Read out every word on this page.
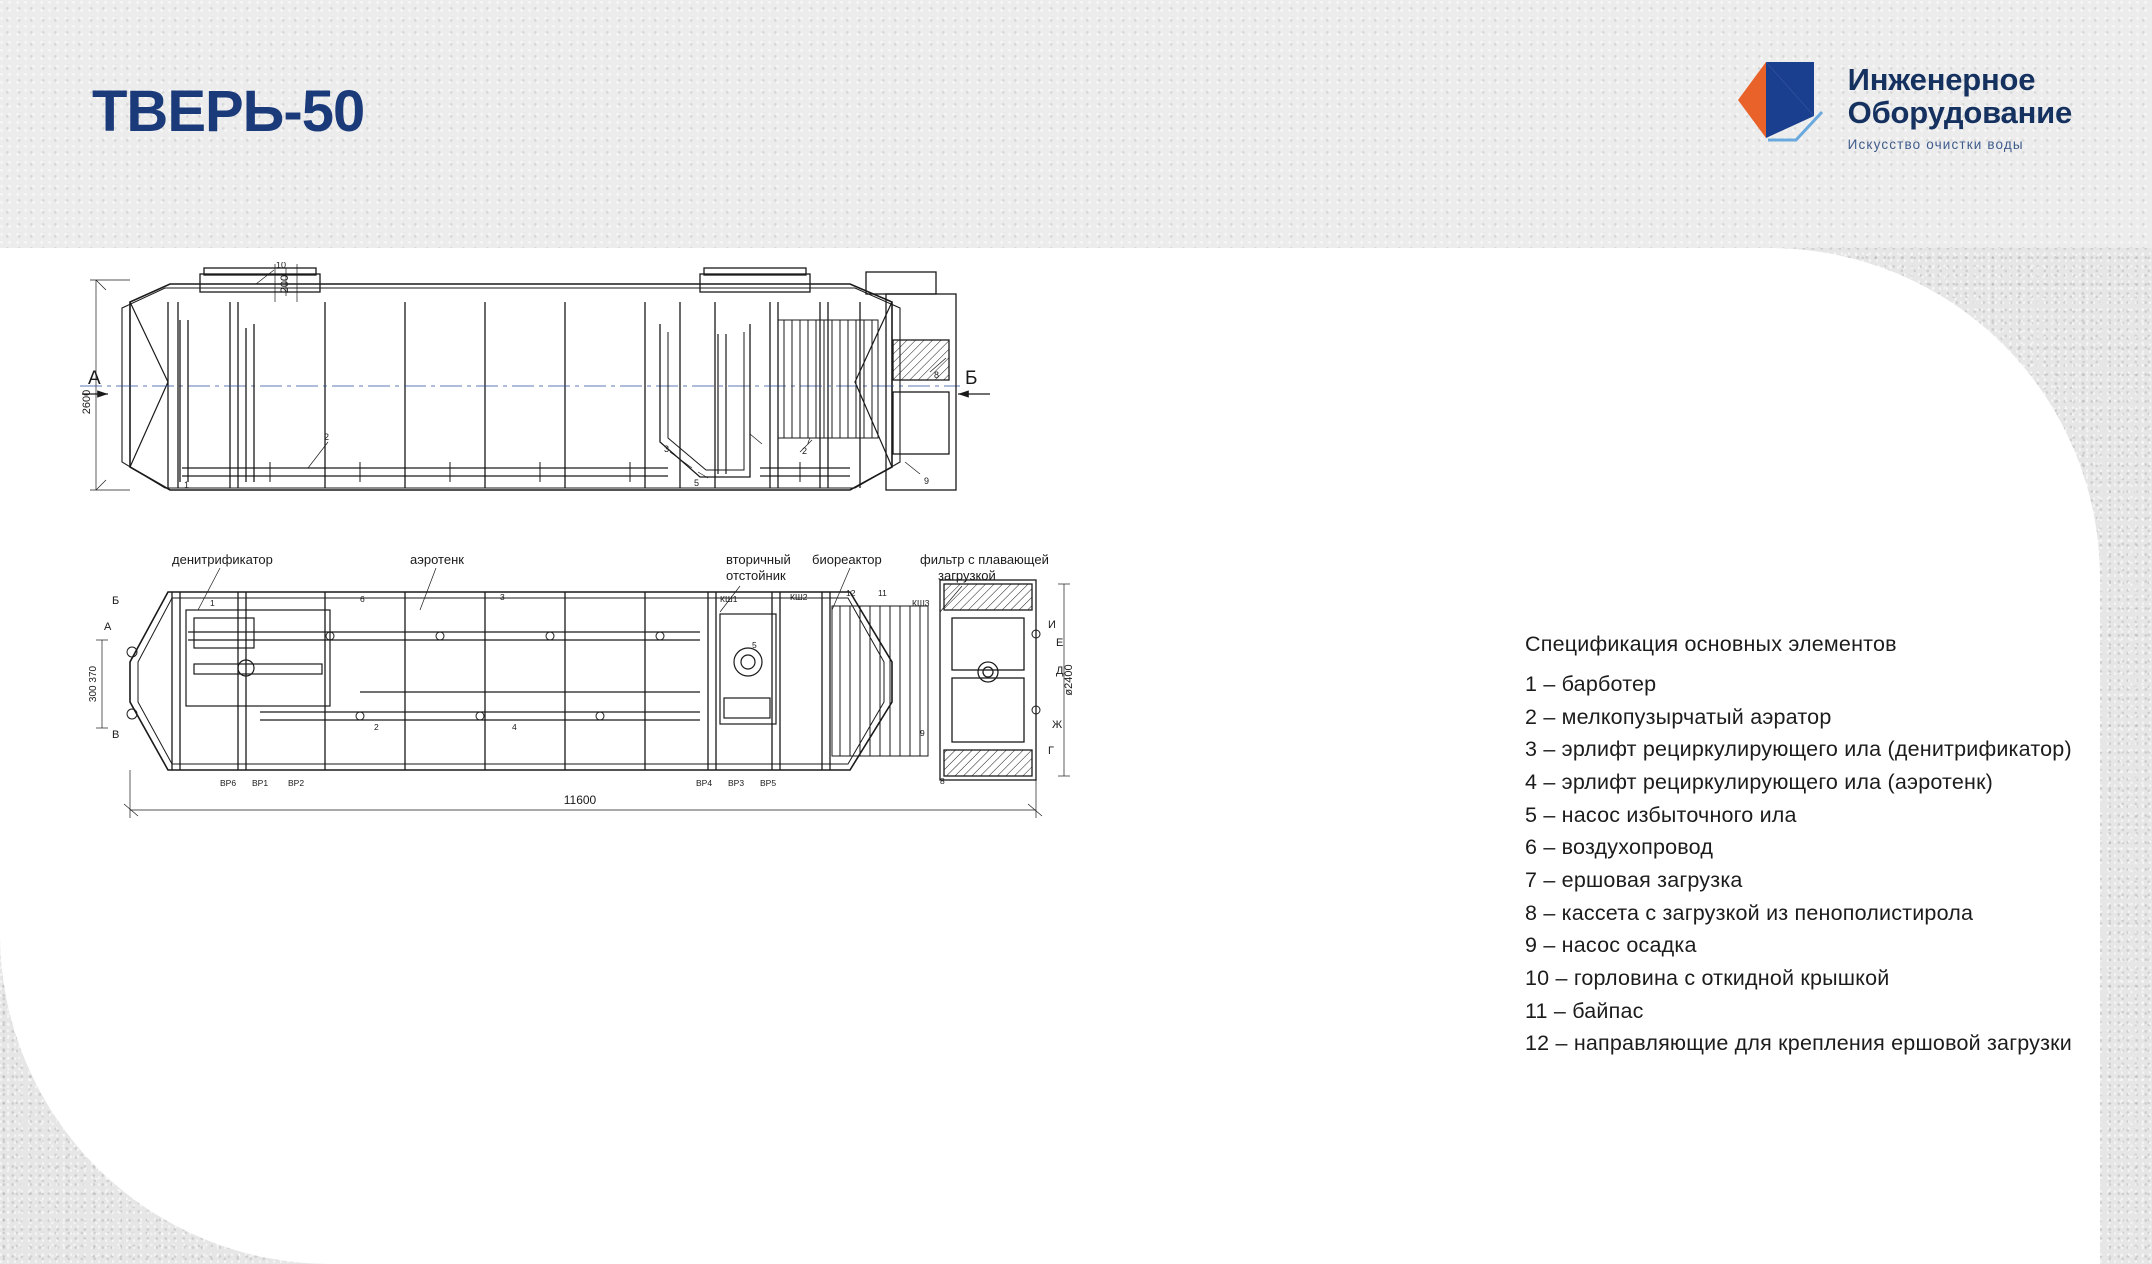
ТВЕРЬ-50	Инженерное
Оборудование
Искусство очистки воды
2600
200
А	Б
10
2
3
5
1
7
2
9
8
денитрификатор	аэротенк	вторичный
отстойник
биореактор	фильтр с плавающей
загрузкой
ВР6 ВР1 ВР2	ВР4 ВР3 ВР5
КШ1	КШ2
КШ3
12	11
1	6	3
2	4
5
9
8
Б
А
В
И
Е
Д
Ж
Г
300 370	ø2400
11600
Спецификация основных элементов
1 – барботер
2 – мелкопузырчатый аэратор
3 – эрлифт рециркулирующего ила (денитрификатор)
4 – эрлифт рециркулирующего ила (аэротенк)
5 – насос избыточного ила
6 – воздухопровод
7 – ершовая загрузка
8 – кассета с загрузкой из пенополистирола
9 – насос осадка
10 – горловина с откидной крышкой
11 – байпас
12 – направляющие для крепления ершовой загрузки
